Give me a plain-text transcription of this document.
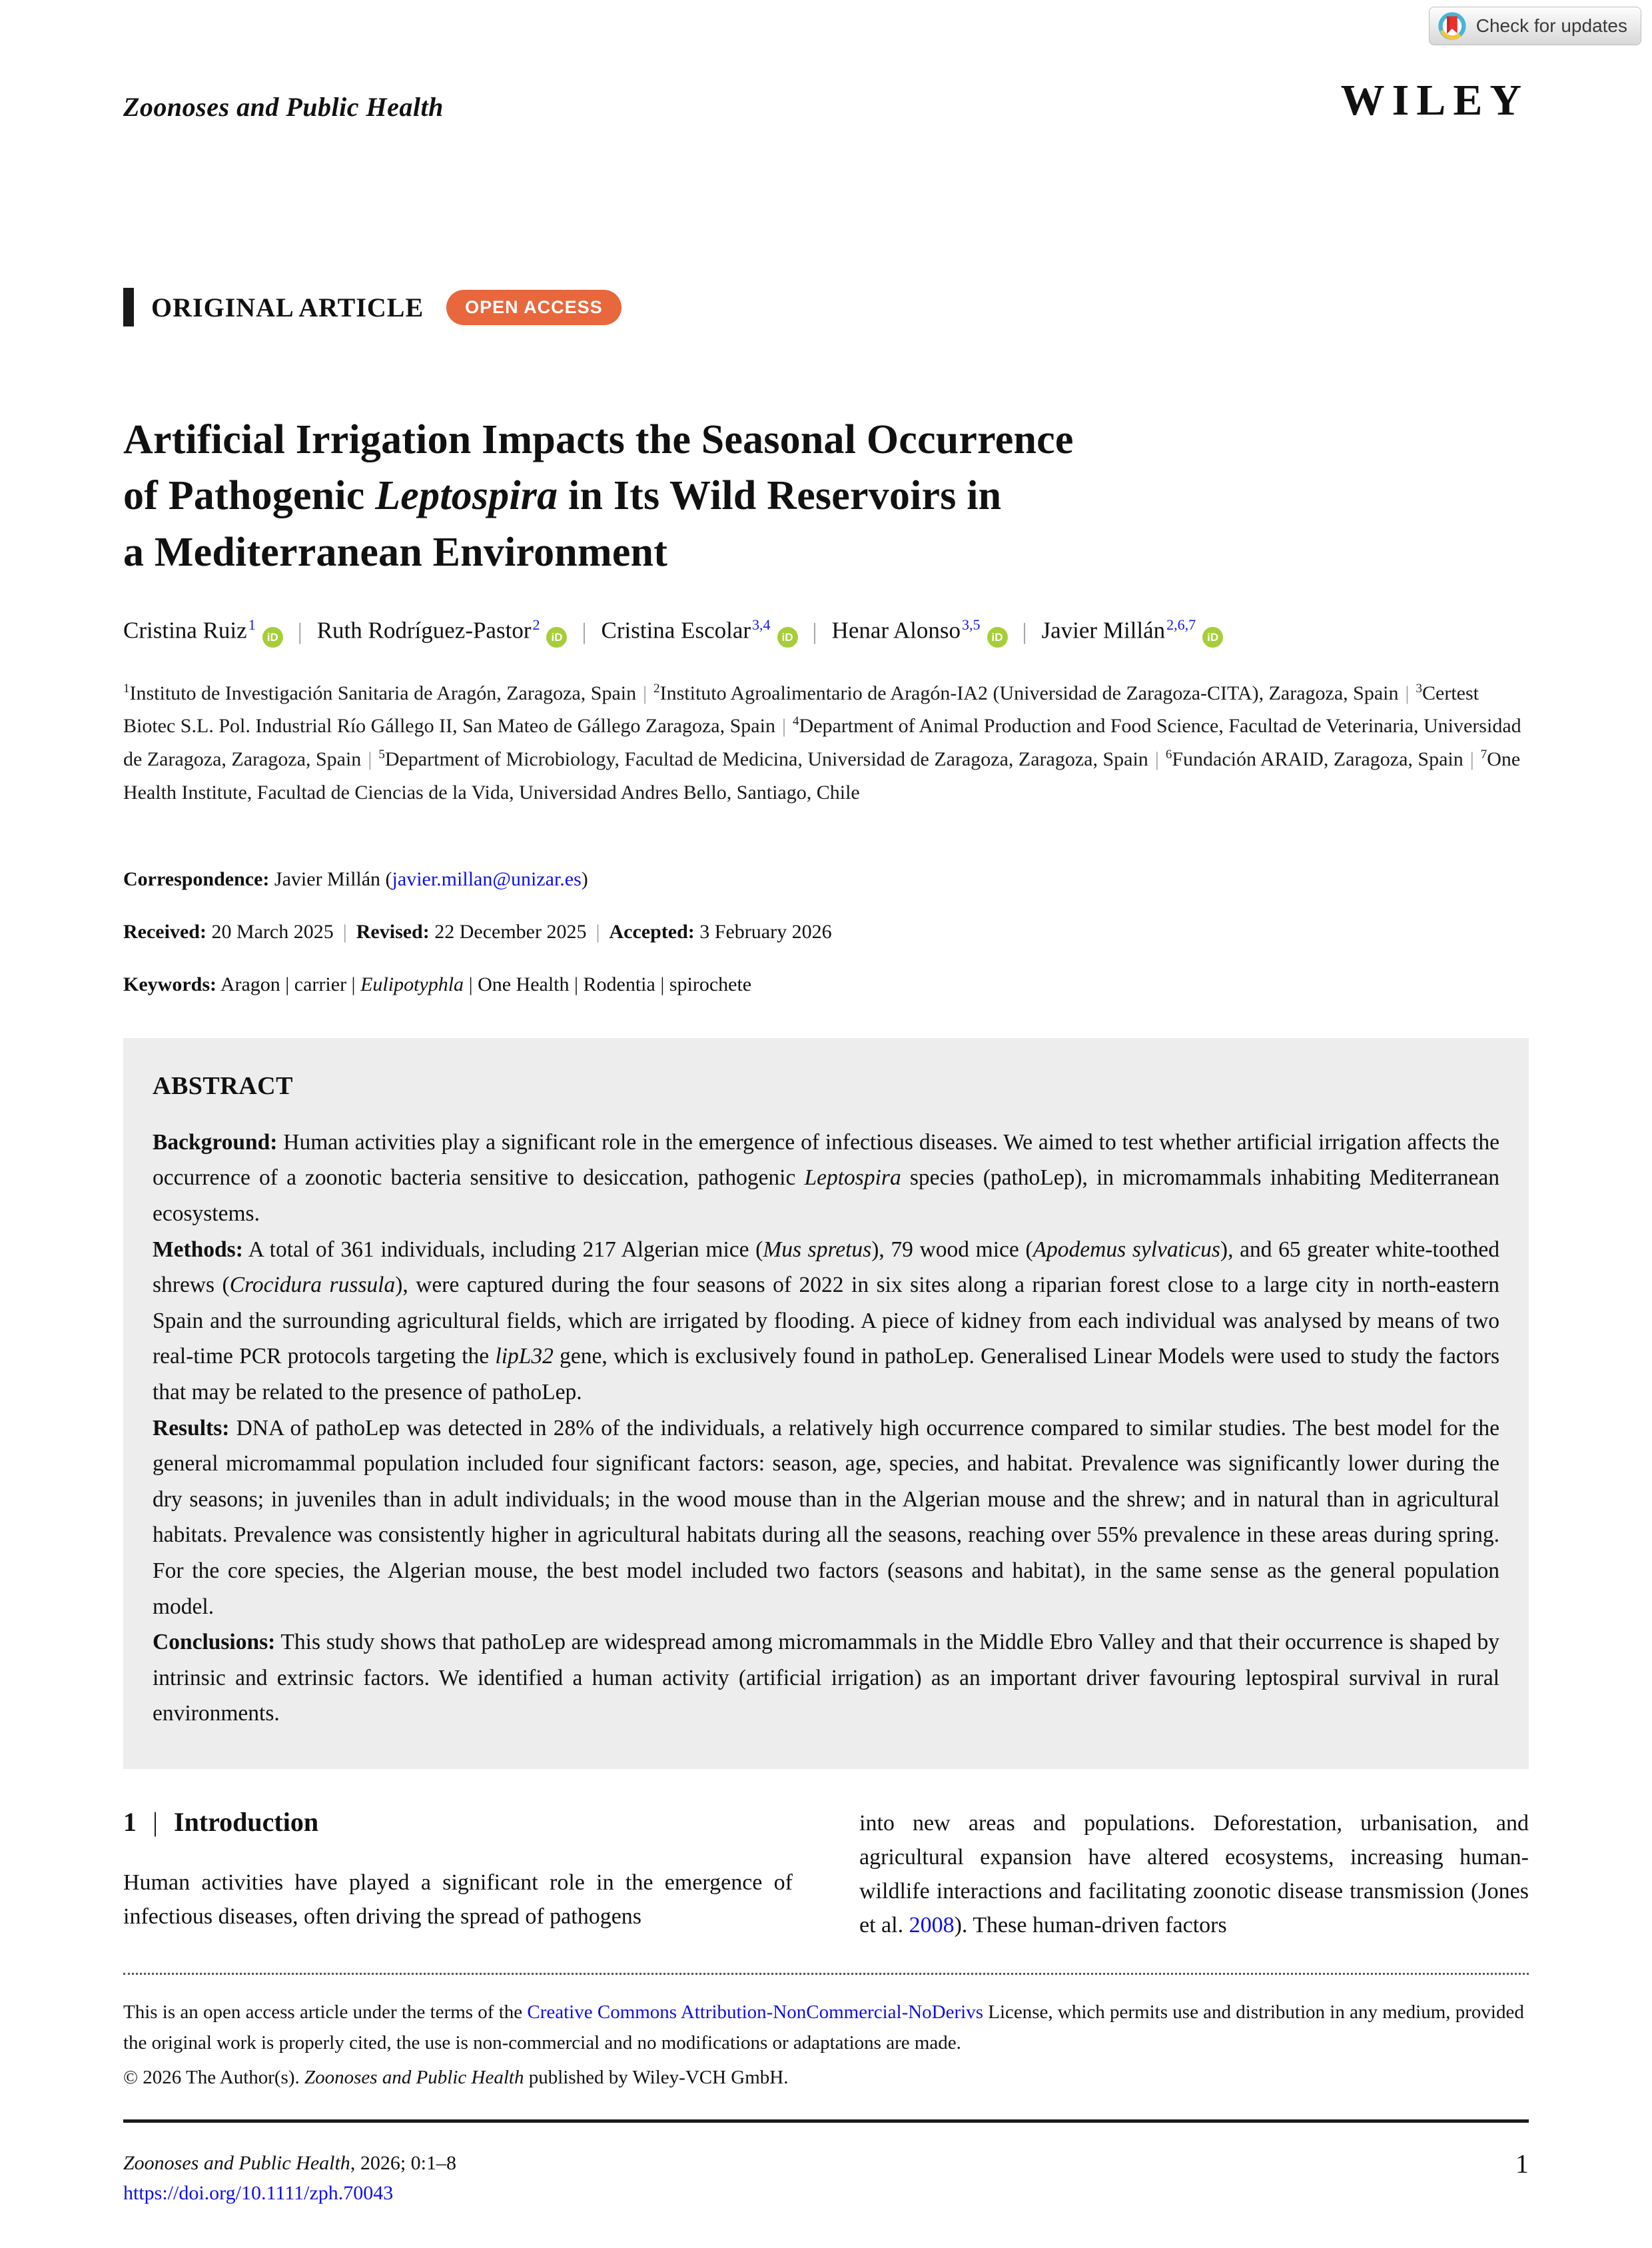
Check for updates
Zoonoses and Public Health	WILEY
ORIGINAL ARTICLE	OPEN ACCESS
Artificial Irrigation Impacts the Seasonal Occurrence
of Pathogenic Leptospira in Its Wild Reservoirs in
a Mediterranean Environment
Cristina Ruiz$^1$iD | Ruth Rodríguez-Pastor$^2$iD | Cristina Escolar$^{3,4}$iD | Henar Alonso$^{3,5}$iD | Javier Millán$^{2,6,7}$iD
$^1$Instituto de Investigación Sanitaria de Aragón, Zaragoza, Spain | $^2$Instituto Agroalimentario de Aragón-IA2 (Universidad de Zaragoza-CITA), Zaragoza, Spain | $^3$Certest Biotec S.L. Pol. Industrial Río Gállego II, San Mateo de Gállego Zaragoza, Spain | $^4$Department of Animal Production and Food Science, Facultad de Veterinaria, Universidad de Zaragoza, Zaragoza, Spain | $^5$Department of Microbiology, Facultad de Medicina, Universidad de Zaragoza, Zaragoza, Spain | $^6$Fundación ARAID, Zaragoza, Spain | $^7$One Health Institute, Facultad de Ciencias de la Vida, Universidad Andres Bello, Santiago, Chile
Correspondence: Javier Millán (javier.millan@unizar.es)
Received: 20 March 2025 | Revised: 22 December 2025 | Accepted: 3 February 2026
Keywords: Aragon | carrier | Eulipotyphla | One Health | Rodentia | spirochete
ABSTRACT

Background: Human activities play a significant role in the emergence of infectious diseases. We aimed to test whether artificial irrigation affects the occurrence of a zoonotic bacteria sensitive to desiccation, pathogenic Leptospira species (pathoLep), in micromammals inhabiting Mediterranean ecosystems.

Methods: A total of 361 individuals, including 217 Algerian mice (Mus spretus), 79 wood mice (Apodemus sylvaticus), and 65 greater white-toothed shrews (Crocidura russula), were captured during the four seasons of 2022 in six sites along a riparian forest close to a large city in north-eastern Spain and the surrounding agricultural fields, which are irrigated by flooding. A piece of kidney from each individual was analysed by means of two real-time PCR protocols targeting the lipL32 gene, which is exclusively found in pathoLep. Generalised Linear Models were used to study the factors that may be related to the presence of pathoLep.

Results: DNA of pathoLep was detected in 28% of the individuals, a relatively high occurrence compared to similar studies. The best model for the general micromammal population included four significant factors: season, age, species, and habitat. Prevalence was significantly lower during the dry seasons; in juveniles than in adult individuals; in the wood mouse than in the Algerian mouse and the shrew; and in natural than in agricultural habitats. Prevalence was consistently higher in agricultural habitats during all the seasons, reaching over 55% prevalence in these areas during spring. For the core species, the Algerian mouse, the best model included two factors (seasons and habitat), in the same sense as the general population model.

Conclusions: This study shows that pathoLep are widespread among micromammals in the Middle Ebro Valley and that their occurrence is shaped by intrinsic and extrinsic factors. We identified a human activity (artificial irrigation) as an important driver favouring leptospiral survival in rural environments.

1 | Introduction

Human activities have played a significant role in the emergence of infectious diseases, often driving the spread of pathogens

into new areas and populations. Deforestation, urbanisation, and agricultural expansion have altered ecosystems, increasing human-wildlife interactions and facilitating zoonotic disease transmission (Jones et al. 2008). These human-driven factors

This is an open access article under the terms of the Creative Commons Attribution-NonCommercial-NoDerivs License, which permits use and distribution in any medium, provided the original work is properly cited, the use is non-commercial and no modifications or adaptations are made.
© 2026 The Author(s). Zoonoses and Public Health published by Wiley-VCH GmbH.
Zoonoses and Public Health, 2026; 0:1–8
https://doi.org/10.1111/zph.70043
1
